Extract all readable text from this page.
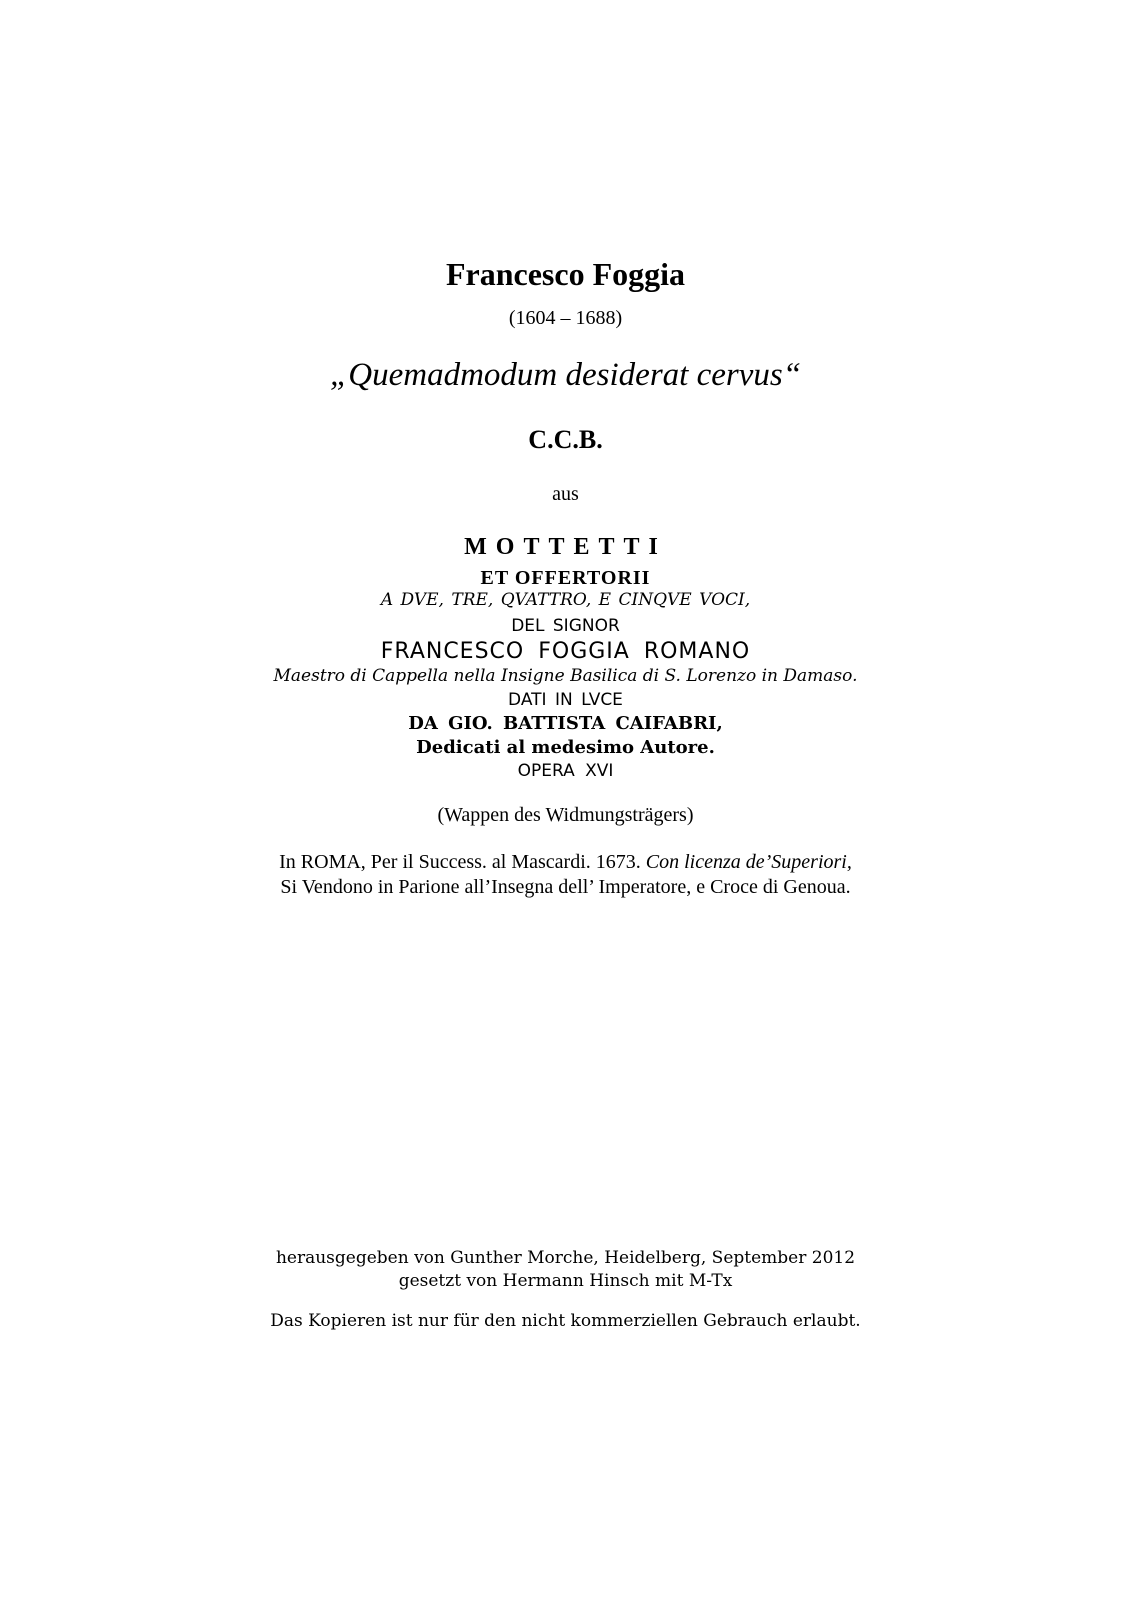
Francesco Foggia
(1604 – 1688)
„Quemadmodum desiderat cervus“
C.C.B.
aus
MOTTETTI
ET OFFERTORII
A DVE, TRE, QVATTRO, E CINQVE VOCI,
DEL SIGNOR
FRANCESCO FOGGIA ROMANO
Maestro di Cappella nella Insigne Basilica di S. Lorenzo in Damaso.
DATI IN LVCE
DA GIO. BATTISTA CAIFABRI,
Dedicati al medesimo Autore.
OPERA XVI
(Wappen des Widmungsträgers)
In ROMA, Per il Success. al Mascardi. 1673. Con licenza de’Superiori,
Si Vendono in Parione all’Insegna dell’ Imperatore, e Croce di Genoua.
herausgegeben von Gunther Morche, Heidelberg, September 2012
gesetzt von Hermann Hinsch mit M-Tx
Das Kopieren ist nur für den nicht kommerziellen Gebrauch erlaubt.
